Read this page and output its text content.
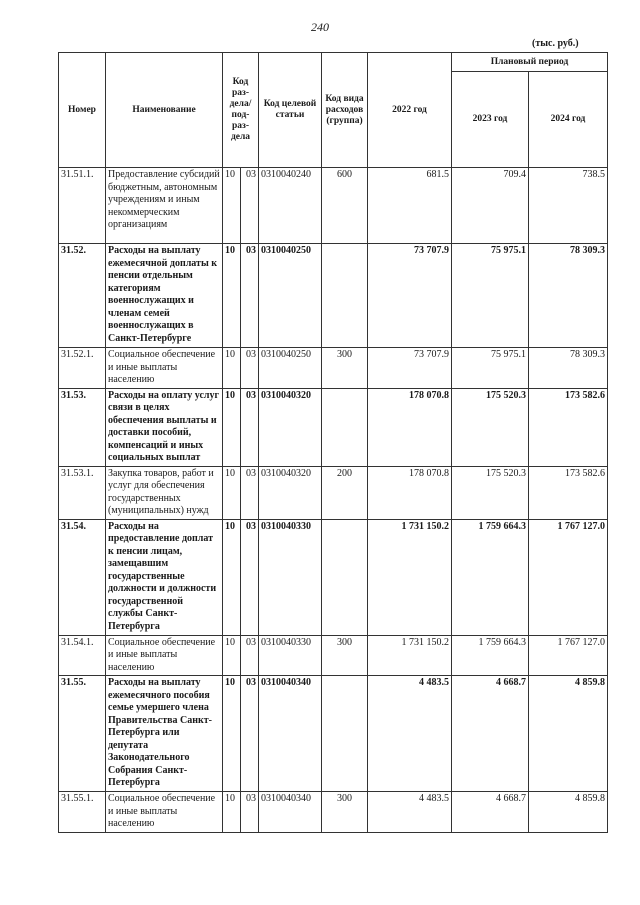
240
(тыс. руб.)
Номер	Наименование	Код раз-дела/ под-раз-дела		Код целевой статьи	Код вида расходов (группа)	2022 год	Плановый период	
							2023 год	2024 год
31.51.1.	Предоставление субсидий бюджетным, автономным учреждениям и иным некоммерческим организациям	10	03	0310040240	600	681.5	709.4	738.5
31.52.	Расходы на выплату ежемесячной доплаты к пенсии отдельным категориям военнослужащих и членам семей военнослужащих в Санкт-Петербурге	10	03	0310040250		73 707.9	75 975.1	78 309.3
31.52.1.	Социальное обеспечение и иные выплаты населению	10	03	0310040250	300	73 707.9	75 975.1	78 309.3
31.53.	Расходы на оплату услуг связи в целях обеспечения выплаты и доставки пособий, компенсаций и иных социальных выплат	10	03	0310040320		178 070.8	175 520.3	173 582.6
31.53.1.	Закупка товаров, работ и услуг для обеспечения государственных (муниципальных) нужд	10	03	0310040320	200	178 070.8	175 520.3	173 582.6
31.54.	Расходы на предоставление доплат к пенсии лицам, замещавшим государственные должности и должности государственной службы Санкт-Петербурга	10	03	0310040330		1 731 150.2	1 759 664.3	1 767 127.0
31.54.1.	Социальное обеспечение и иные выплаты населению	10	03	0310040330	300	1 731 150.2	1 759 664.3	1 767 127.0
31.55.	Расходы на выплату ежемесячного пособия семье умершего члена Правительства Санкт-Петербурга или депутата Законодательного Собрания Санкт-Петербурга	10	03	0310040340		4 483.5	4 668.7	4 859.8
31.55.1.	Социальное обеспечение и иные выплаты населению	10	03	0310040340	300	4 483.5	4 668.7	4 859.8
